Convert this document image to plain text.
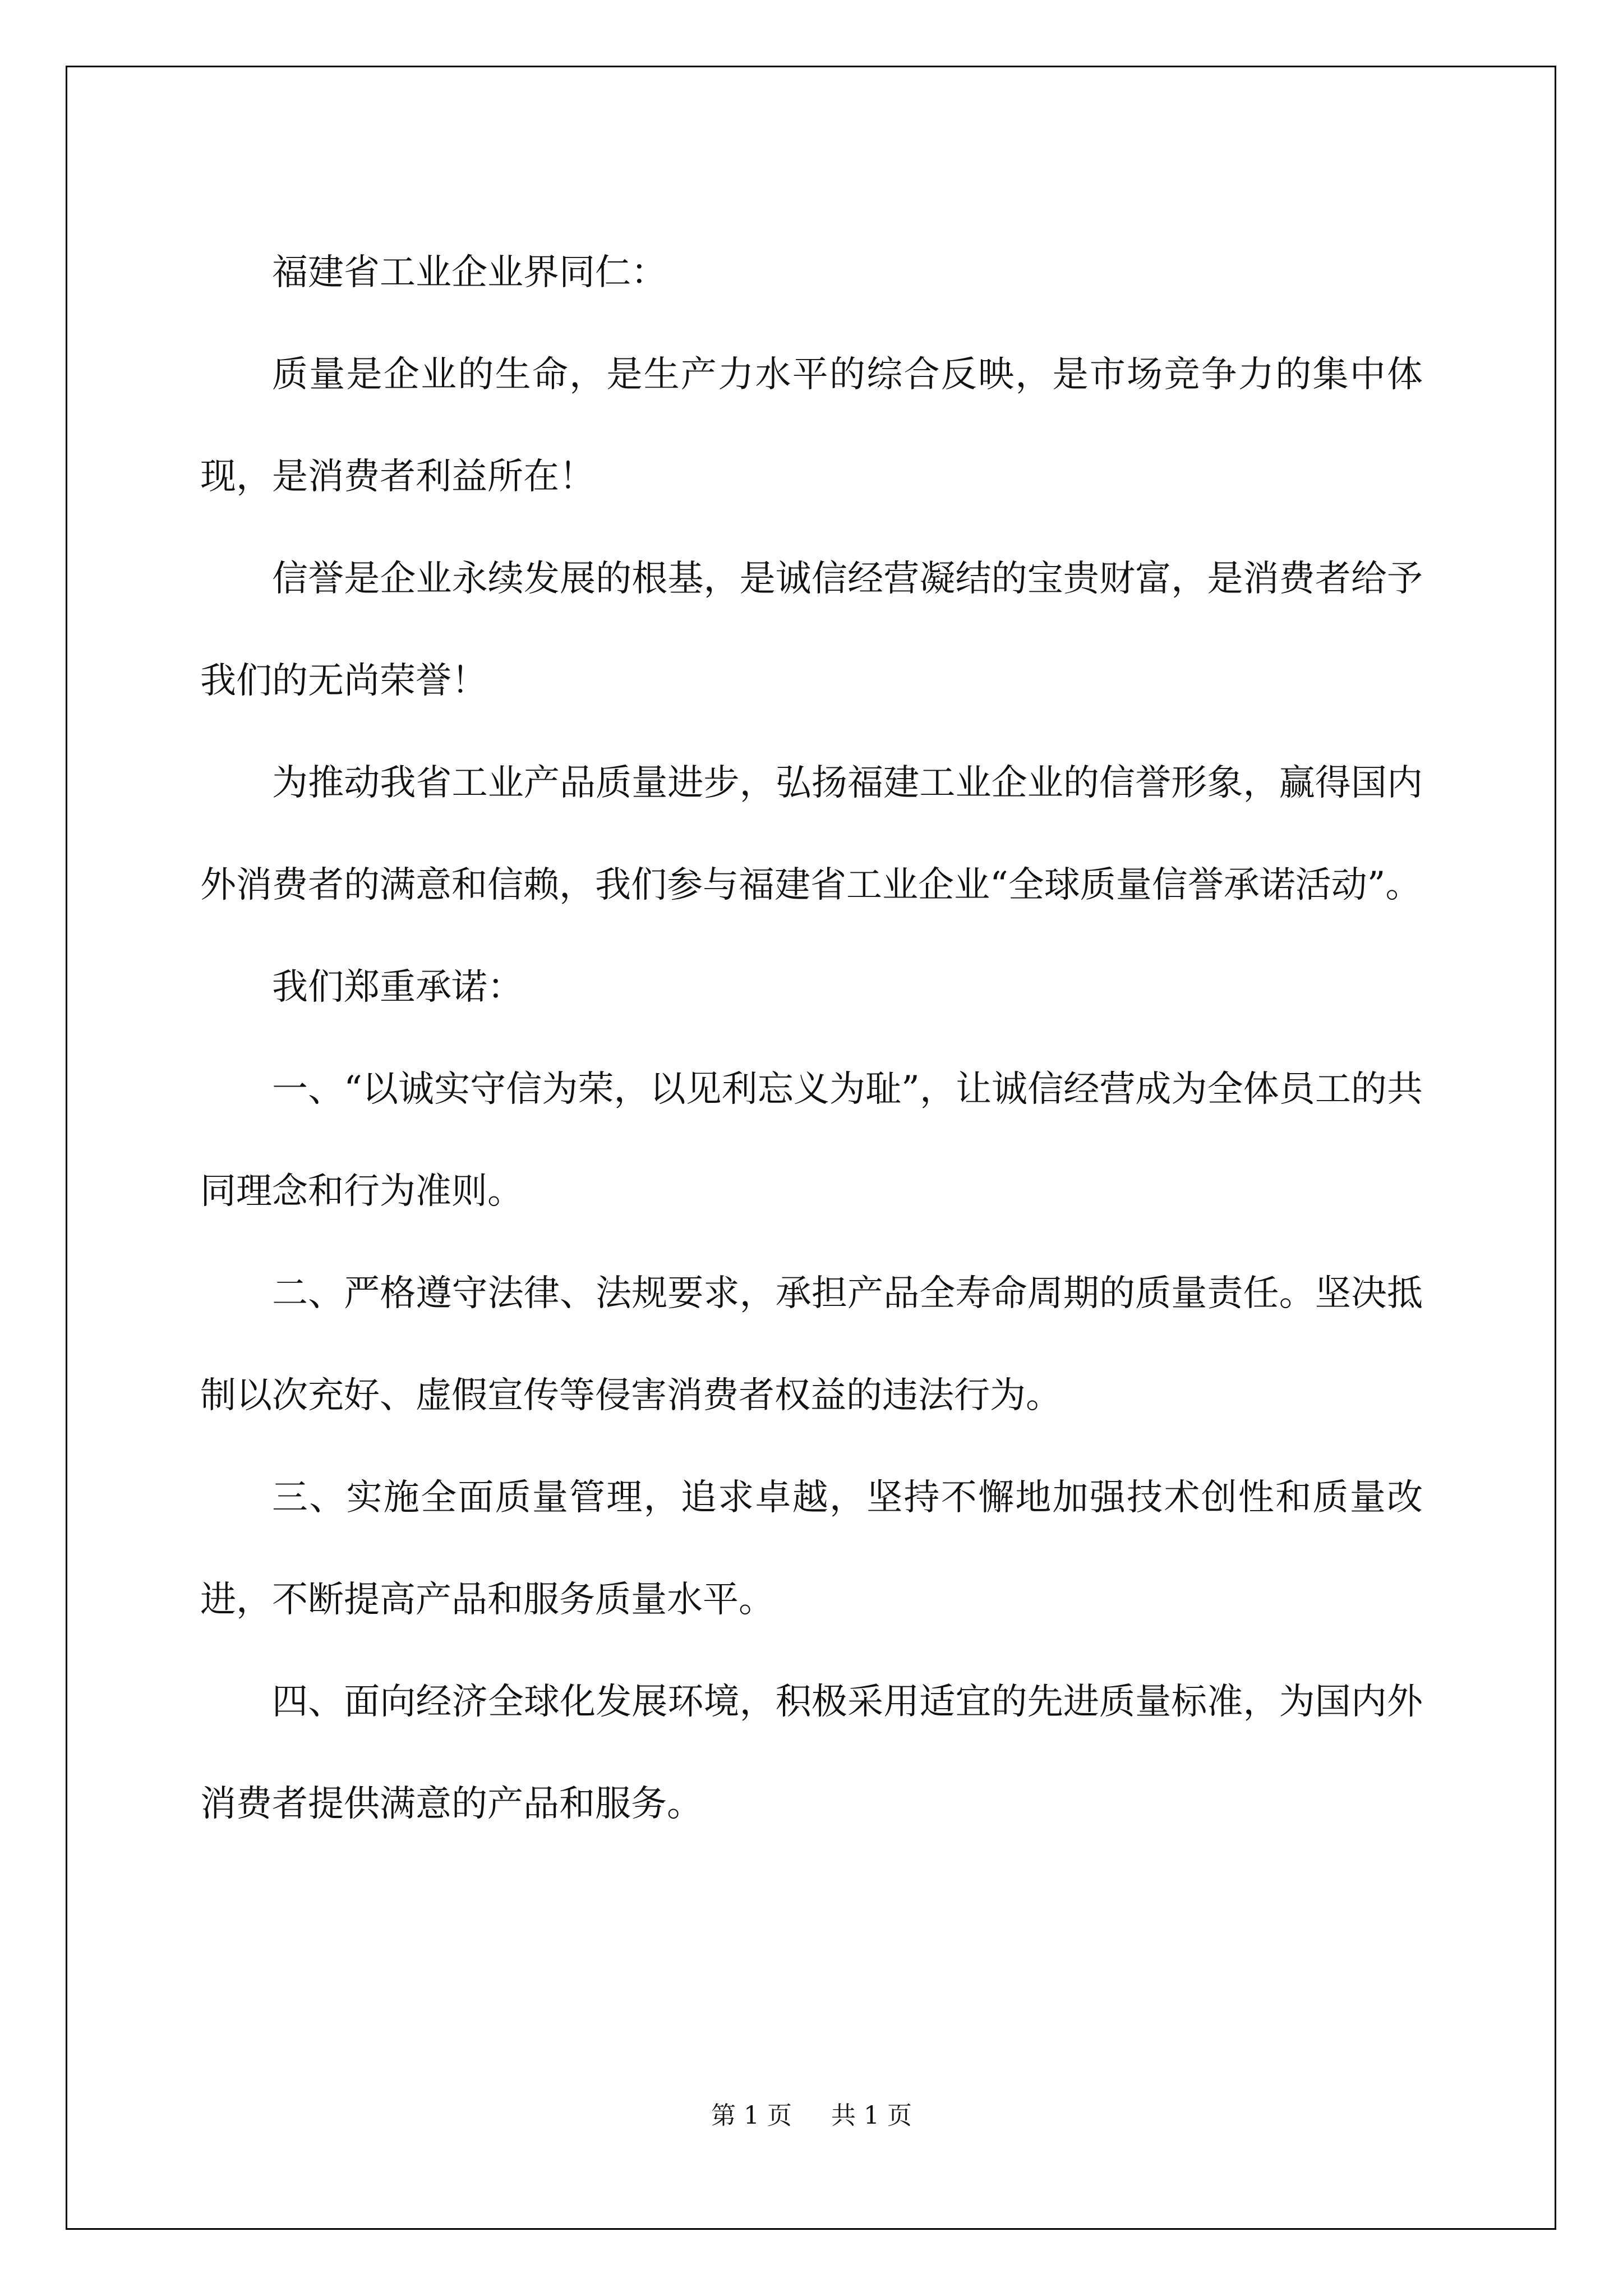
福建省工业企业界同仁：

质量是企业的生命，是生产力水平的综合反映，是市场竞争力的集中体现，是消费者利益所在！

信誉是企业永续发展的根基，是诚信经营凝结的宝贵财富，是消费者给予我们的无尚荣誉！

为推动我省工业产品质量进步，弘扬福建工业企业的信誉形象，赢得国内外消费者的满意和信赖，我们参与福建省工业企业“全球质量信誉承诺活动”。

我们郑重承诺：

一、“以诚实守信为荣，以见利忘义为耻”，让诚信经营成为全体员工的共同理念和行为准则。

二、严格遵守法律、法规要求，承担产品全寿命周期的质量责任。坚决抵制以次充好、虚假宣传等侵害消费者权益的违法行为。

三、实施全面质量管理，追求卓越，坚持不懈地加强技术创性和质量改进，不断提高产品和服务质量水平。

四、面向经济全球化发展环境，积极采用适宜的先进质量标准，为国内外消费者提供满意的产品和服务。

第 1 页 共 1 页
